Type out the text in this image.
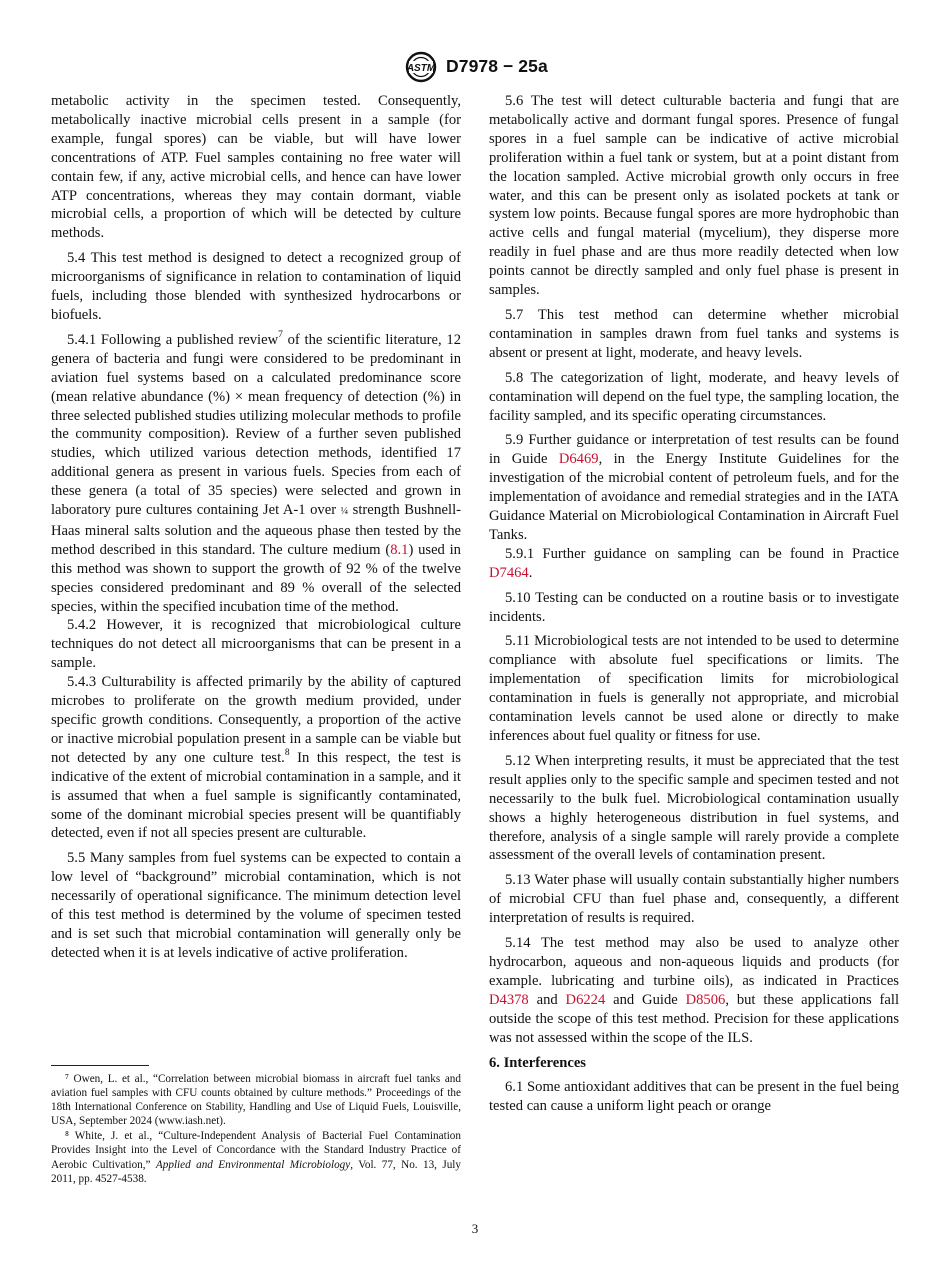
ASTM D7978 − 25a

metabolic activity in the specimen tested. Consequently, metabolically inactive microbial cells present in a sample (for example, fungal spores) can be viable, but will have lower concentrations of ATP. Fuel samples containing no free water will contain few, if any, active microbial cells, and hence can have lower ATP concentrations, whereas they may contain dormant, viable microbial cells, a proportion of which will be detected by culture methods.

5.4 This test method is designed to detect a recognized group of microorganisms of significance in relation to contamination of liquid fuels, including those blended with synthesized hydrocarbons or biofuels.

5.4.1 Following a published review$^7$ of the scientific literature, 12 genera of bacteria and fungi were considered to be predominant in aviation fuel systems based on a calculated predominance score (mean relative abundance (%) × mean frequency of detection (%) in three selected published studies utilizing molecular methods to profile the community composition). Review of a further seven published studies, which utilized various detection methods, identified 17 additional genera as present in various fuels. Species from each of these genera (a total of 35 species) were selected and grown in laboratory pure cultures containing Jet A-1 over ¼ strength Bushnell-Haas mineral salts solution and the aqueous phase then tested by the method described in this standard. The culture medium (8.1) used in this method was shown to support the growth of 92 % of the twelve species considered predominant and 89 % overall of the selected species, within the specified incubation time of the method.

5.4.2 However, it is recognized that microbiological culture techniques do not detect all microorganisms that can be present in a sample.

5.4.3 Culturability is affected primarily by the ability of captured microbes to proliferate on the growth medium provided, under specific growth conditions. Consequently, a proportion of the active or inactive microbial population present in a sample can be viable but not detected by any one culture test.$^8$ In this respect, the test is indicative of the extent of microbial contamination in a sample, and it is assumed that when a fuel sample is significantly contaminated, some of the dominant microbial species present will be quantifiably detected, even if not all species present are culturable.

5.5 Many samples from fuel systems can be expected to contain a low level of “background” microbial contamination, which is not necessarily of operational significance. The minimum detection level of this test method is determined by the volume of specimen tested and is set such that microbial contamination will generally only be detected when it is at levels indicative of active proliferation.

⁷ Owen, L. et al., “Correlation between microbial biomass in aircraft fuel tanks and aviation fuel samples with CFU counts obtained by culture methods.” Proceedings of the 18th International Conference on Stability, Handling and Use of Liquid Fuels, Louisville, USA, September 2024 (www.iash.net).

⁸ White, J. et al., “Culture-Independent Analysis of Bacterial Fuel Contamination Provides Insight into the Level of Concordance with the Standard Industry Practice of Aerobic Cultivation,” Applied and Environmental Microbiology, Vol. 77, No. 13, July 2011, pp. 4527-4538.

5.6 The test will detect culturable bacteria and fungi that are metabolically active and dormant fungal spores. Presence of fungal spores in a fuel sample can be indicative of active microbial proliferation within a fuel tank or system, but at a point distant from the location sampled. Active microbial growth only occurs in free water, and this can be present only as isolated pockets at tank or system low points. Because fungal spores are more hydrophobic than active cells and fungal material (mycelium), they disperse more readily in fuel phase and are thus more readily detected when low points cannot be directly sampled and only fuel phase is present in samples.

5.7 This test method can determine whether microbial contamination in samples drawn from fuel tanks and systems is absent or present at light, moderate, and heavy levels.

5.8 The categorization of light, moderate, and heavy levels of contamination will depend on the fuel type, the sampling location, the facility sampled, and its specific operating circumstances.

5.9 Further guidance or interpretation of test results can be found in Guide D6469, in the Energy Institute Guidelines for the investigation of the microbial content of petroleum fuels, and for the implementation of avoidance and remedial strategies and in the IATA Guidance Material on Microbiological Contamination in Aircraft Fuel Tanks.

5.9.1 Further guidance on sampling can be found in Practice D7464.

5.10 Testing can be conducted on a routine basis or to investigate incidents.

5.11 Microbiological tests are not intended to be used to determine compliance with absolute fuel specifications or limits. The implementation of specification limits for microbiological contamination in fuels is generally not appropriate, and microbial contamination levels cannot be used alone or directly to make inferences about fuel quality or fitness for use.

5.12 When interpreting results, it must be appreciated that the test result applies only to the specific sample and specimen tested and not necessarily to the bulk fuel. Microbiological contamination usually shows a highly heterogeneous distribution in fuel systems, and therefore, analysis of a single sample will rarely provide a complete assessment of the overall levels of contamination present.

5.13 Water phase will usually contain substantially higher numbers of microbial CFU than fuel phase and, consequently, a different interpretation of results is required.

5.14 The test method may also be used to analyze other hydrocarbon, aqueous and non-aqueous liquids and products (for example. lubricating and turbine oils), as indicated in Practices D4378 and D6224 and Guide D8506, but these applications fall outside the scope of this test method. Precision for these applications was not assessed within the scope of the ILS.

6. Interferences

6.1 Some antioxidant additives that can be present in the fuel being tested can cause a uniform light peach or orange

3
